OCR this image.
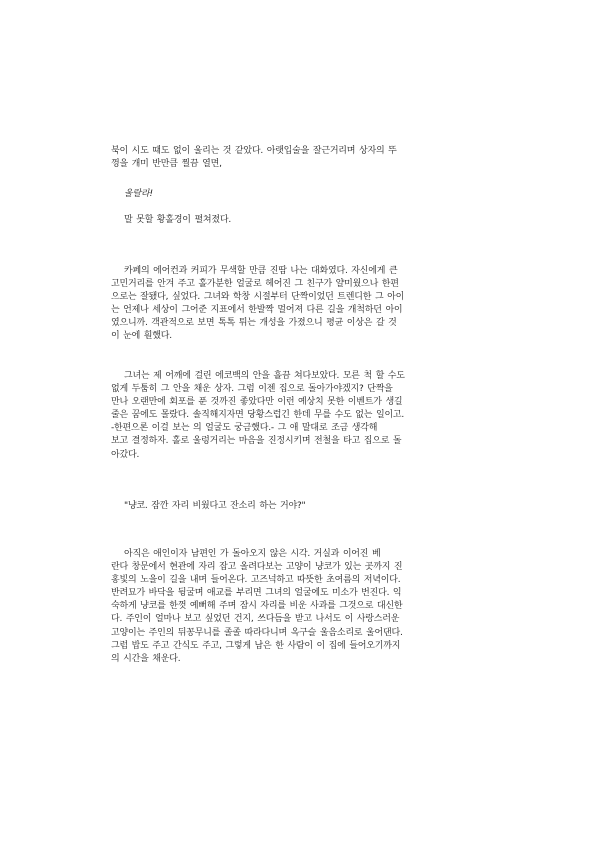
북이 시도 때도 없이 울리는 것 같았다. 아랫입술을 잘근거리며 상자의 뚜
껑을 개미 반만큼 찔끔 열면,

울랄라!

말 못할 황홀경이 펼쳐졌다.

카페의 에어컨과 커피가 무색할 만큼 진땀 나는 대화였다. 자신에게 큰
고민거리를 안겨 주고 홀가분한 얼굴로 헤어진 그 친구가 얄미웠으나 한편
으로는 잘됐다, 싶었다. 그녀와 학창 시절부터 단짝이었던 트렌디한 그 아이
는 언제나 세상이 그어준 지표에서 한발짝 멀어져 다른 길을 개척하던 아이
였으니까. 객관적으로 보면 톡톡 튀는 개성을 가졌으니 평균 이상은 갈 것
이 눈에 훤했다.
그녀는 제 어깨에 걸린 에코백의 안을 흘끔 쳐다보았다. 모른 척 할 수도
없게 두툼히 그 안을 채운 상자. 그럼 이젠 집으로 돌아가야겠지? 단짝을
만나 오랜만에 회포를 푼 것까진 좋았다만 이런 예상치 못한 이벤트가 생길
줄은 꿈에도 몰랐다. 솔직해지자면 당황스럽긴 한데 무를 수도 없는 일이고.
-한편으론 이걸 보는 의 얼굴도 궁금했다.- 그 애 말대로 조금 생각해
보고 결정하자. 홀로 울렁거리는 마음을 진정시키며 전철을 타고 집으로 돌
아갔다.

"냥코. 잠깐 자리 비웠다고 잔소리 하는 거야?"

아직은 애인이자 남편인 가 돌아오지 않은 시각. 거실과 이어진 베
란다 창문에서 현관에 자리 잡고 올려다보는 고양이 냥코가 있는 곳까지 진
홍빛의 노을이 길을 내며 들어온다. 고즈넉하고 따뜻한 초여름의 저녁이다.
반려묘가 바닥을 뒹굴며 애교를 부리면 그녀의 얼굴에도 미소가 번진다. 익
숙하게 냥코를 한껏 예뻐해 주며 잠시 자리를 비운 사과를 그것으로 대신한
다. 주인이 얼마나 보고 싶었던 건지, 쓰다듬을 받고 나서도 이 사랑스러운
고양이는 주인의 뒤꽁무니를 졸졸 따라다니며 옥구슬 울음소리로 울어댄다.
그럼 밥도 주고 간식도 주고, 그렇게 남은 한 사람이 이 집에 들어오기까지
의 시간을 채운다.
